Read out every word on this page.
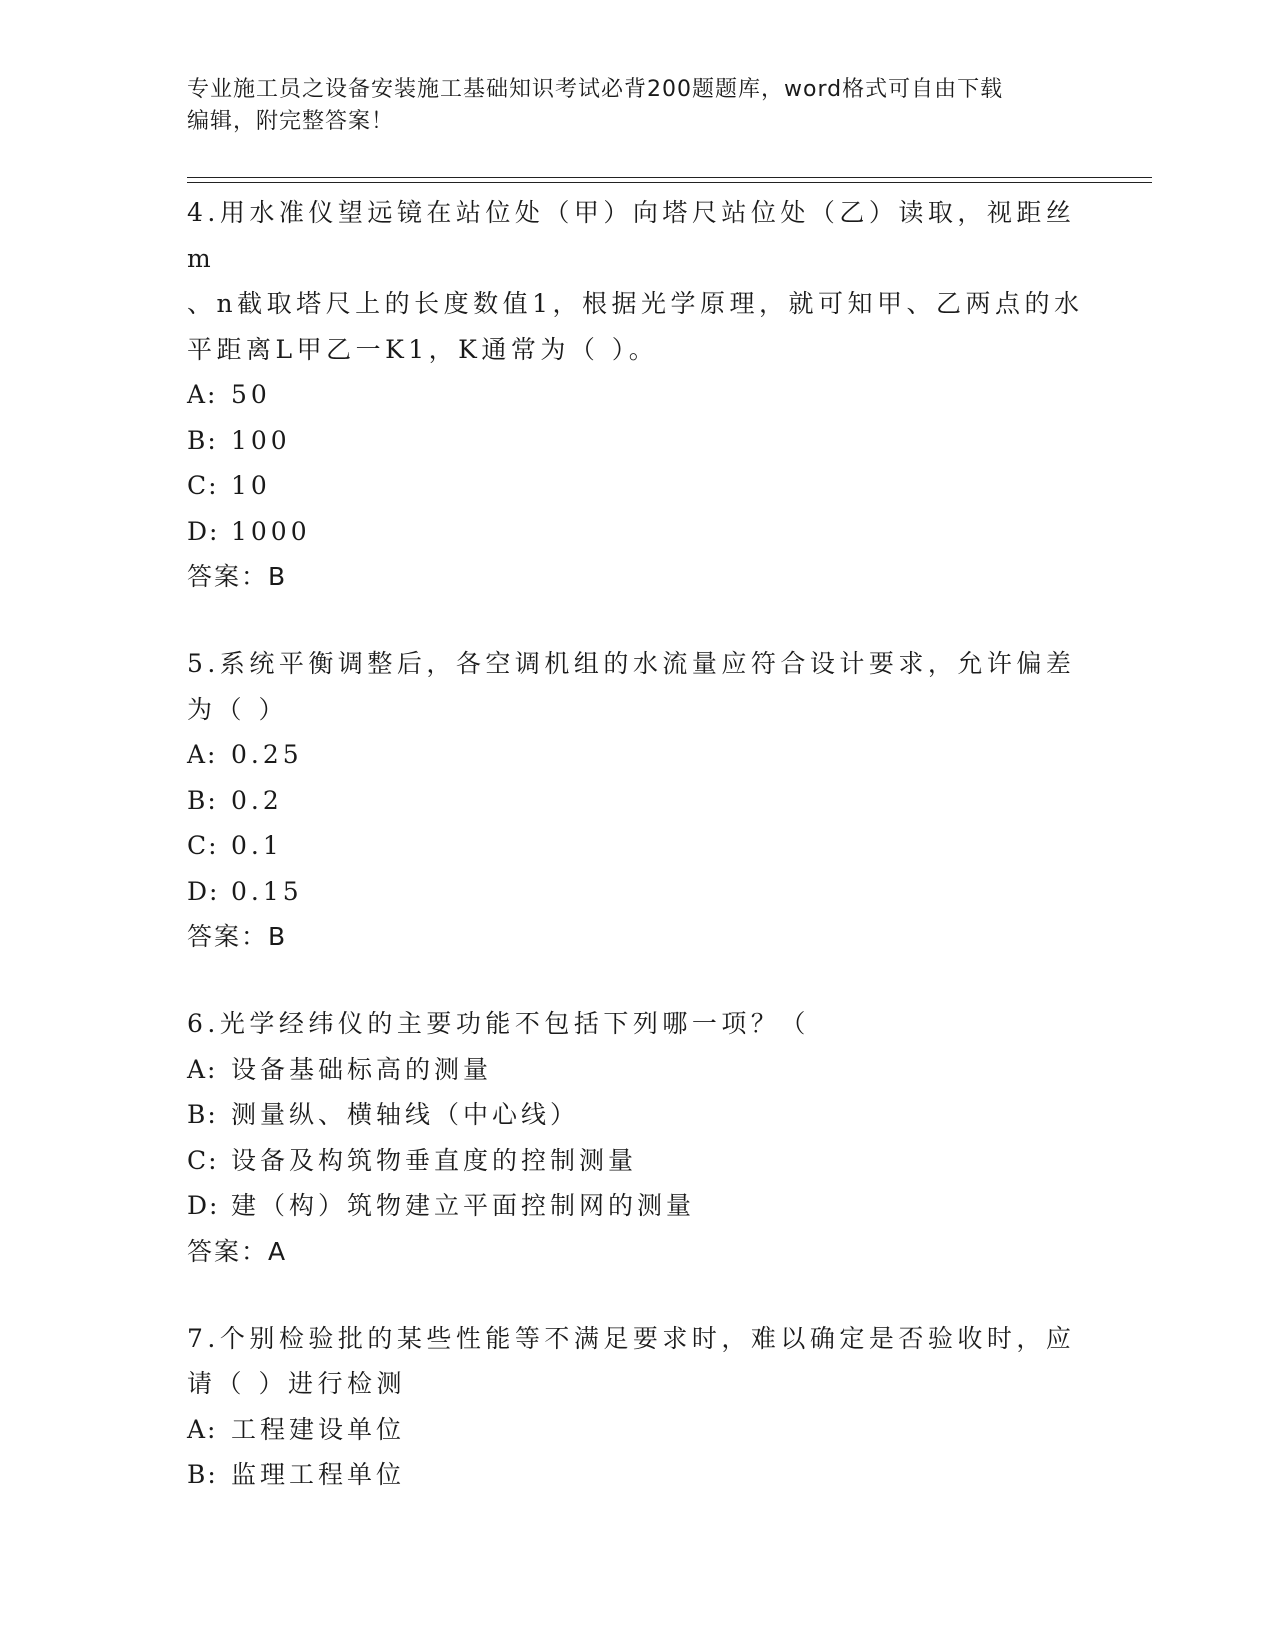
专业施工员之设备安装施工基础知识考试必背200题题库，word格式可自由下载
编辑，附完整答案！
4.用水准仪望远镜在站位处（甲）向塔尺站位处（乙）读取，视距丝m
、n截取塔尺上的长度数值1，根据光学原理，就可知甲、乙两点的水
平距离L甲乙一K1，K通常为（ ）。
A: 50
B: 100
C: 10
D: 1000
答案：B
5.系统平衡调整后，各空调机组的水流量应符合设计要求，允许偏差
为（ ）
A: 0.25
B: 0.2
C: 0.1
D: 0.15
答案：B
6.光学经纬仪的主要功能不包括下列哪一项？（
A: 设备基础标高的测量
B: 测量纵、横轴线（中心线）
C: 设备及构筑物垂直度的控制测量
D: 建（构）筑物建立平面控制网的测量
答案：A
7.个别检验批的某些性能等不满足要求时，难以确定是否验收时，应
请（ ）进行检测
A: 工程建设单位
B: 监理工程单位
